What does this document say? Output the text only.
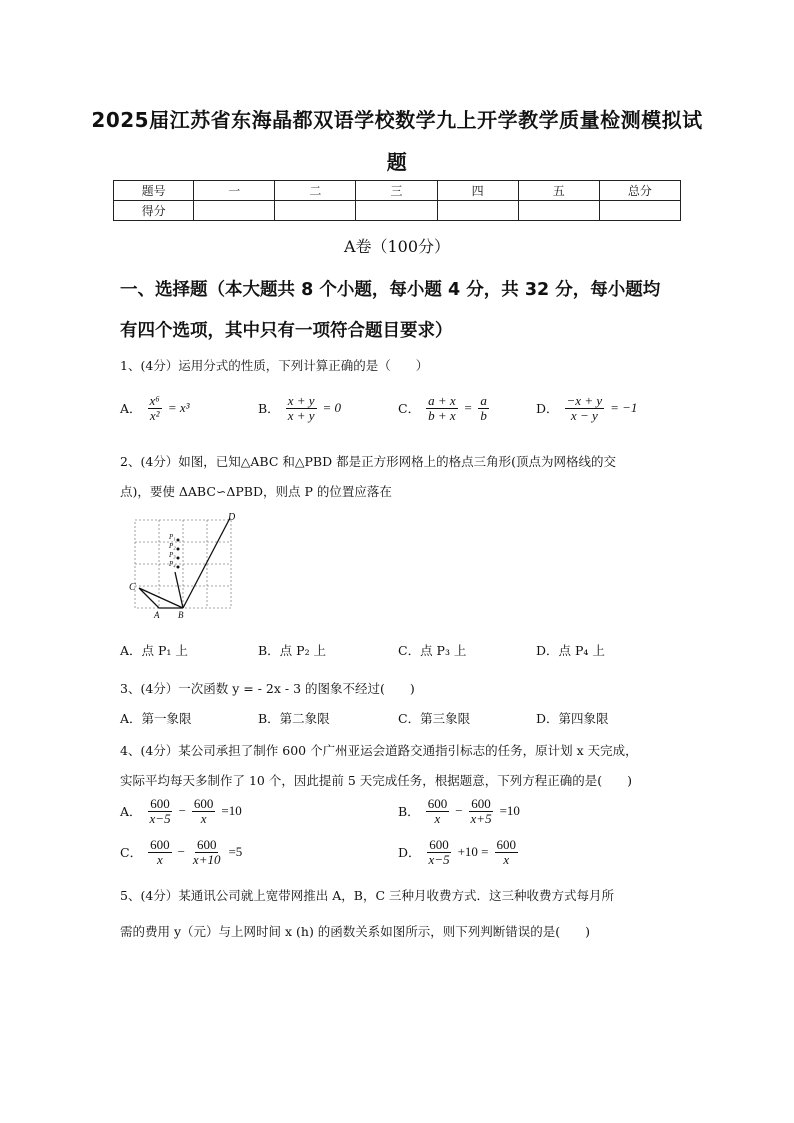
2025届江苏省东海晶都双语学校数学九上开学教学质量检测模拟试
题
题号	一	二	三	四	五	总分
得分						
A卷（100分）
一、选择题（本大题共 8 个小题，每小题 4 分，共 32 分，每小题均
有四个选项，其中只有一项符合题目要求）
1、(4分）运用分式的性质，下列计算正确的是（　　）
A． $\frac{\text{x⁶}}{\text{x²}} = x^3$	B． $\frac{x + y}{x + y} = 0$	C． $\frac{a + x}{b + x} = \frac{a}{b}$	D． $\frac{-x + y}{x - y} = -1$
2、(4分）如图，已知△ABC 和△PBD 都是正方形网格上的格点三角形(顶点为网格线的交
点)，要使 ΔABC∽ΔPBD，则点 P 的位置应落在
D
C
A B
P₁
P₂
P₃
P₄
A．点 P₁ 上	B．点 P₂ 上	C．点 P₃ 上	D．点 P₄ 上
3、(4分）一次函数 y = - 2x - 3 的图象不经过(　　)
A．第一象限	B．第二象限	C．第三象限	D．第四象限
4、(4分）某公司承担了制作 600 个广州亚运会道路交通指引标志的任务，原计划 x 天完成，
实际平均每天多制作了 10 个，因此提前 5 天完成任务，根据题意，下列方程正确的是(　　)
A． $\frac{600}{x-5} - \frac{600}{x} =10$	B． $\frac{600}{x} - \frac{600}{x+5} =10$
C． $\frac{600}{x} - \frac{600}{x+10} =5$	D． $\frac{600}{x-5} +10 = \frac{600}{x}$
5、(4分）某通讯公司就上宽带网推出 A，B，C 三种月收费方式．这三种收费方式每月所
需的费用 y（元）与上网时间 x (h) 的函数关系如图所示，则下列判断错误的是(　　)
